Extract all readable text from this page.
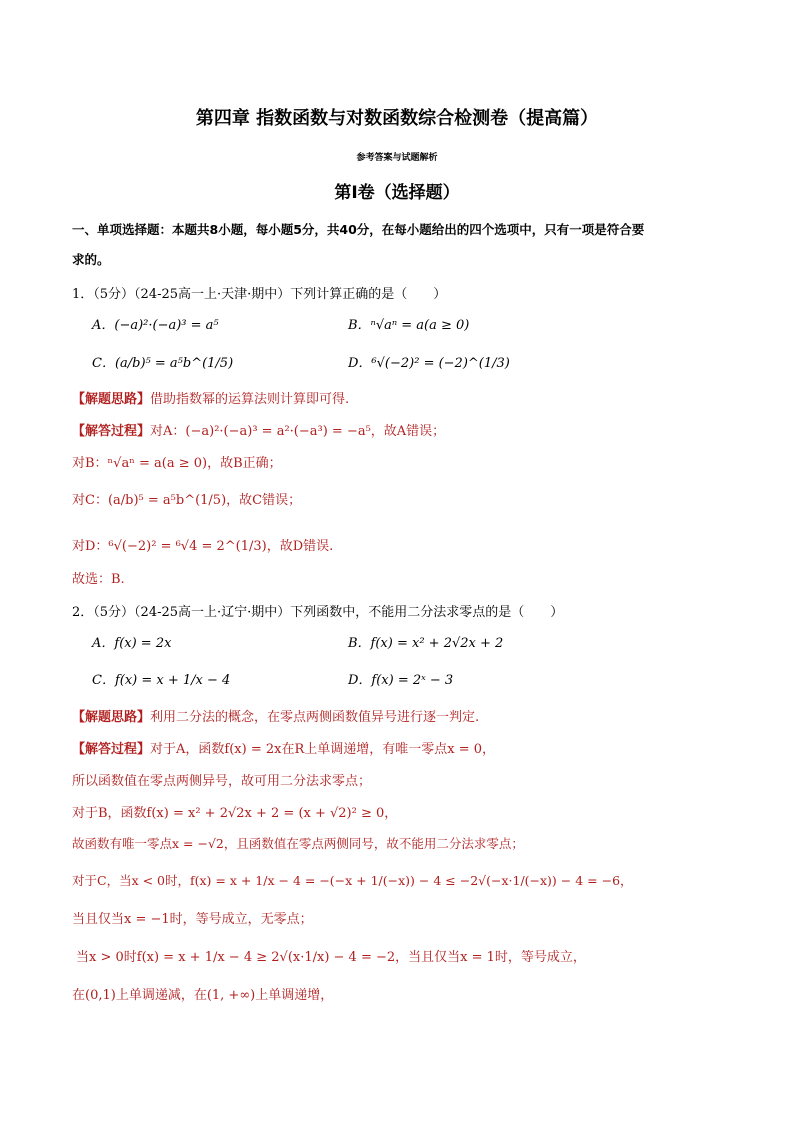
第四章 指数函数与对数函数综合检测卷（提高篇）
参考答案与试题解析
第I卷（选择题）
一、单项选择题：本题共8小题，每小题5分，共40分，在每小题给出的四个选项中，只有一项是符合要
求的。
1．（5分）（24-25高一上·天津·期中）下列计算正确的是（　　）
A．(−a)²·(−a)³ = a⁵	B．ⁿ√aⁿ = a(a ≥ 0)
C．(a/b)⁵ = a⁵b^(1/5)	D．⁶√(−2)² = (−2)^(1/3)
【解题思路】借助指数幂的运算法则计算即可得.
【解答过程】对A：(−a)²·(−a)³ = a²·(−a³) = −a⁵，故A错误；
对B：ⁿ√aⁿ = a(a ≥ 0)，故B正确；
对C：(a/b)⁵ = a⁵b^(1/5)，故C错误；
对D：⁶√(−2)² = ⁶√4 = 2^(1/3)，故D错误.
故选：B.
2．（5分）（24-25高一上·辽宁·期中）下列函数中，不能用二分法求零点的是（　　）
A．f(x) = 2x	B．f(x) = x² + 2√2x + 2
C．f(x) = x + 1/x − 4	D．f(x) = 2ˣ − 3
【解题思路】利用二分法的概念，在零点两侧函数值异号进行逐一判定.
【解答过程】对于A，函数f(x) = 2x在R上单调递增，有唯一零点x = 0，
所以函数值在零点两侧异号，故可用二分法求零点；
对于B，函数f(x) = x² + 2√2x + 2 = (x + √2)² ≥ 0，
故函数有唯一零点x = −√2，且函数值在零点两侧同号，故不能用二分法求零点；
对于C，当x < 0时，f(x) = x + 1/x − 4 = −(−x + 1/(−x)) − 4 ≤ −2√(−x·1/(−x)) − 4 = −6，
当且仅当x = −1时，等号成立，无零点；
当x > 0时f(x) = x + 1/x − 4 ≥ 2√(x·1/x) − 4 = −2，当且仅当x = 1时，等号成立，
在(0,1)上单调递减，在(1, +∞)上单调递增，
